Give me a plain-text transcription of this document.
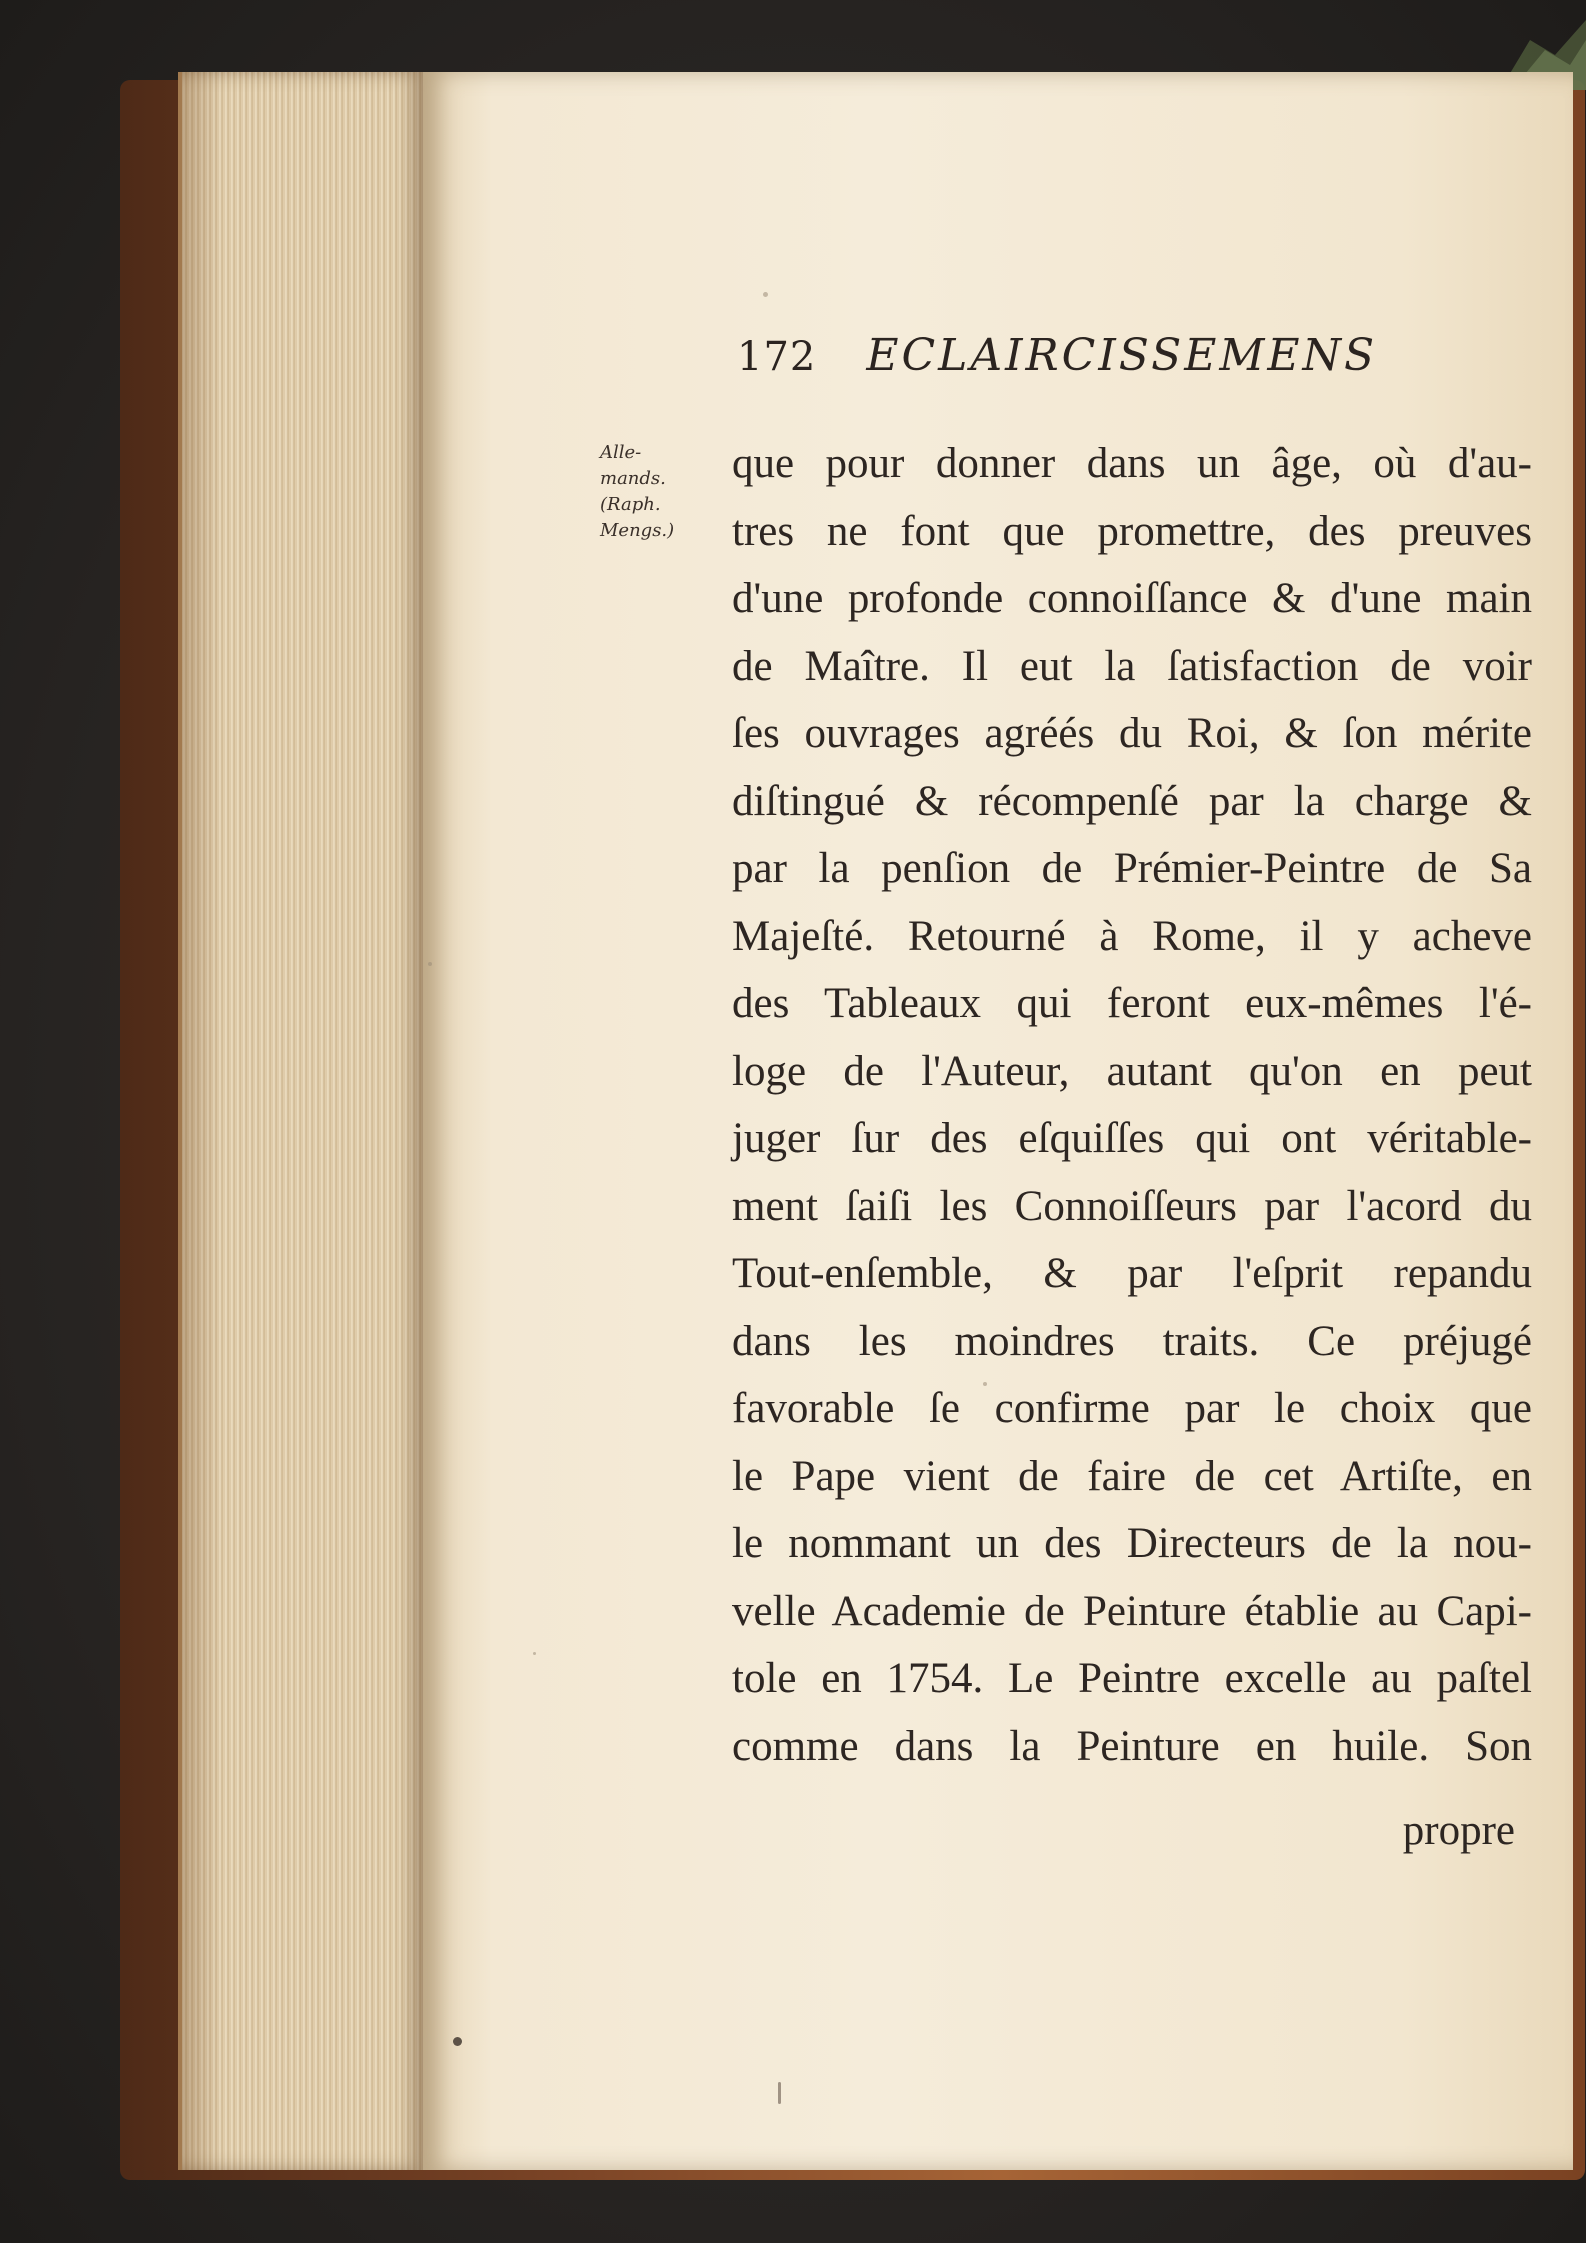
172 ECLAIRCISSEMENS
Alle-
mands.
(Raph.
Mengs.)
que pour donner dans un âge, où d'au-
tres ne font que promettre, des preuves
d'une profonde connoiſſance & d'une main
de Maître. Il eut la ſatisfaction de voir
ſes ouvrages agréés du Roi, & ſon mérite
diſtingué & récompenſé par la charge &
par la penſion de Prémier-Peintre de Sa
Majeſté. Retourné à Rome, il y acheve
des Tableaux qui feront eux-mêmes l'é-
loge de l'Auteur, autant qu'on en peut
juger ſur des eſquiſſes qui ont véritable-
ment ſaiſi les Connoiſſeurs par l'acord du
Tout-enſemble, & par l'eſprit repandu
dans les moindres traits. Ce préjugé
favorable ſe confirme par le choix que
le Pape vient de faire de cet Artiſte, en
le nommant un des Directeurs de la nou-
velle Academie de Peinture établie au Capi-
tole en 1754. Le Peintre excelle au paſtel
comme dans la Peinture en huile. Son
propre
